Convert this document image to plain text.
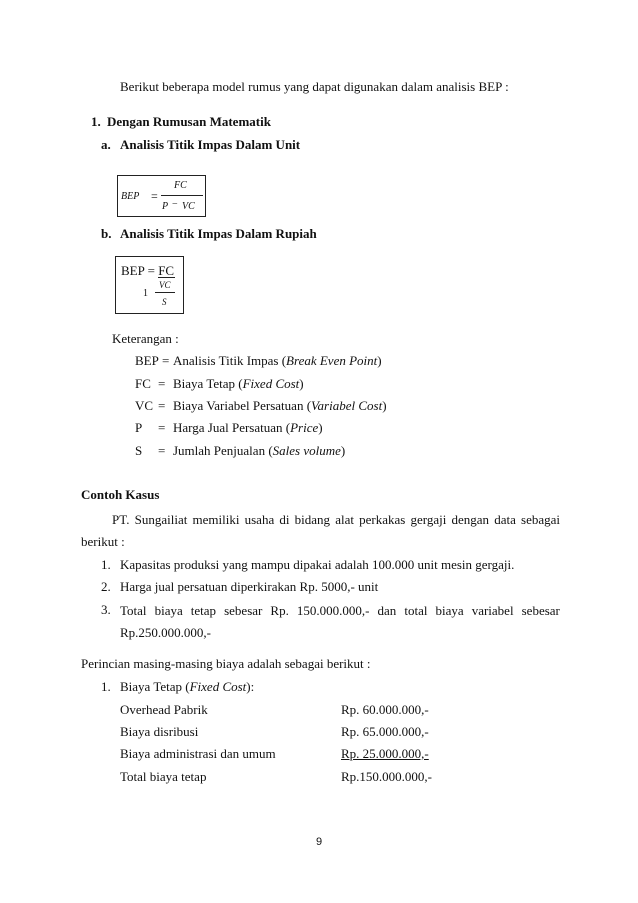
Berikut beberapa model rumus yang dapat digunakan dalam analisis BEP :
1. Dengan Rumusan Matematik
a. Analisis Titik Impas Dalam Unit
BEP =
FC
P − VC
b. Analisis Titik Impas Dalam Rupiah
BEP = FC
1
VC
S
Keterangan :
BEP = Analisis Titik Impas (Break Even Point)
FC = Biaya Tetap (Fixed Cost)
VC = Biaya Variabel Persatuan (Variabel Cost)
P = Harga Jual Persatuan (Price)
S = Jumlah Penjualan (Sales volume)
Contoh Kasus
PT. Sungailiat memiliki usaha di bidang alat perkakas gergaji dengan data sebagai
berikut :
1. Kapasitas produksi yang mampu dipakai adalah 100.000 unit mesin gergaji.
2. Harga jual persatuan diperkirakan Rp. 5000,- unit
3. Total biaya tetap sebesar Rp. 150.000.000,- dan total biaya variabel sebesar
Rp.250.000.000,-
Perincian masing-masing biaya adalah sebagai berikut :
1. Biaya Tetap (Fixed Cost):
Overhead Pabrik	Rp. 60.000.000,-
Biaya disribusi	Rp. 65.000.000,-
Biaya administrasi dan umum	Rp. 25.000.000,-
Total biaya tetap	Rp.150.000.000,-
9
